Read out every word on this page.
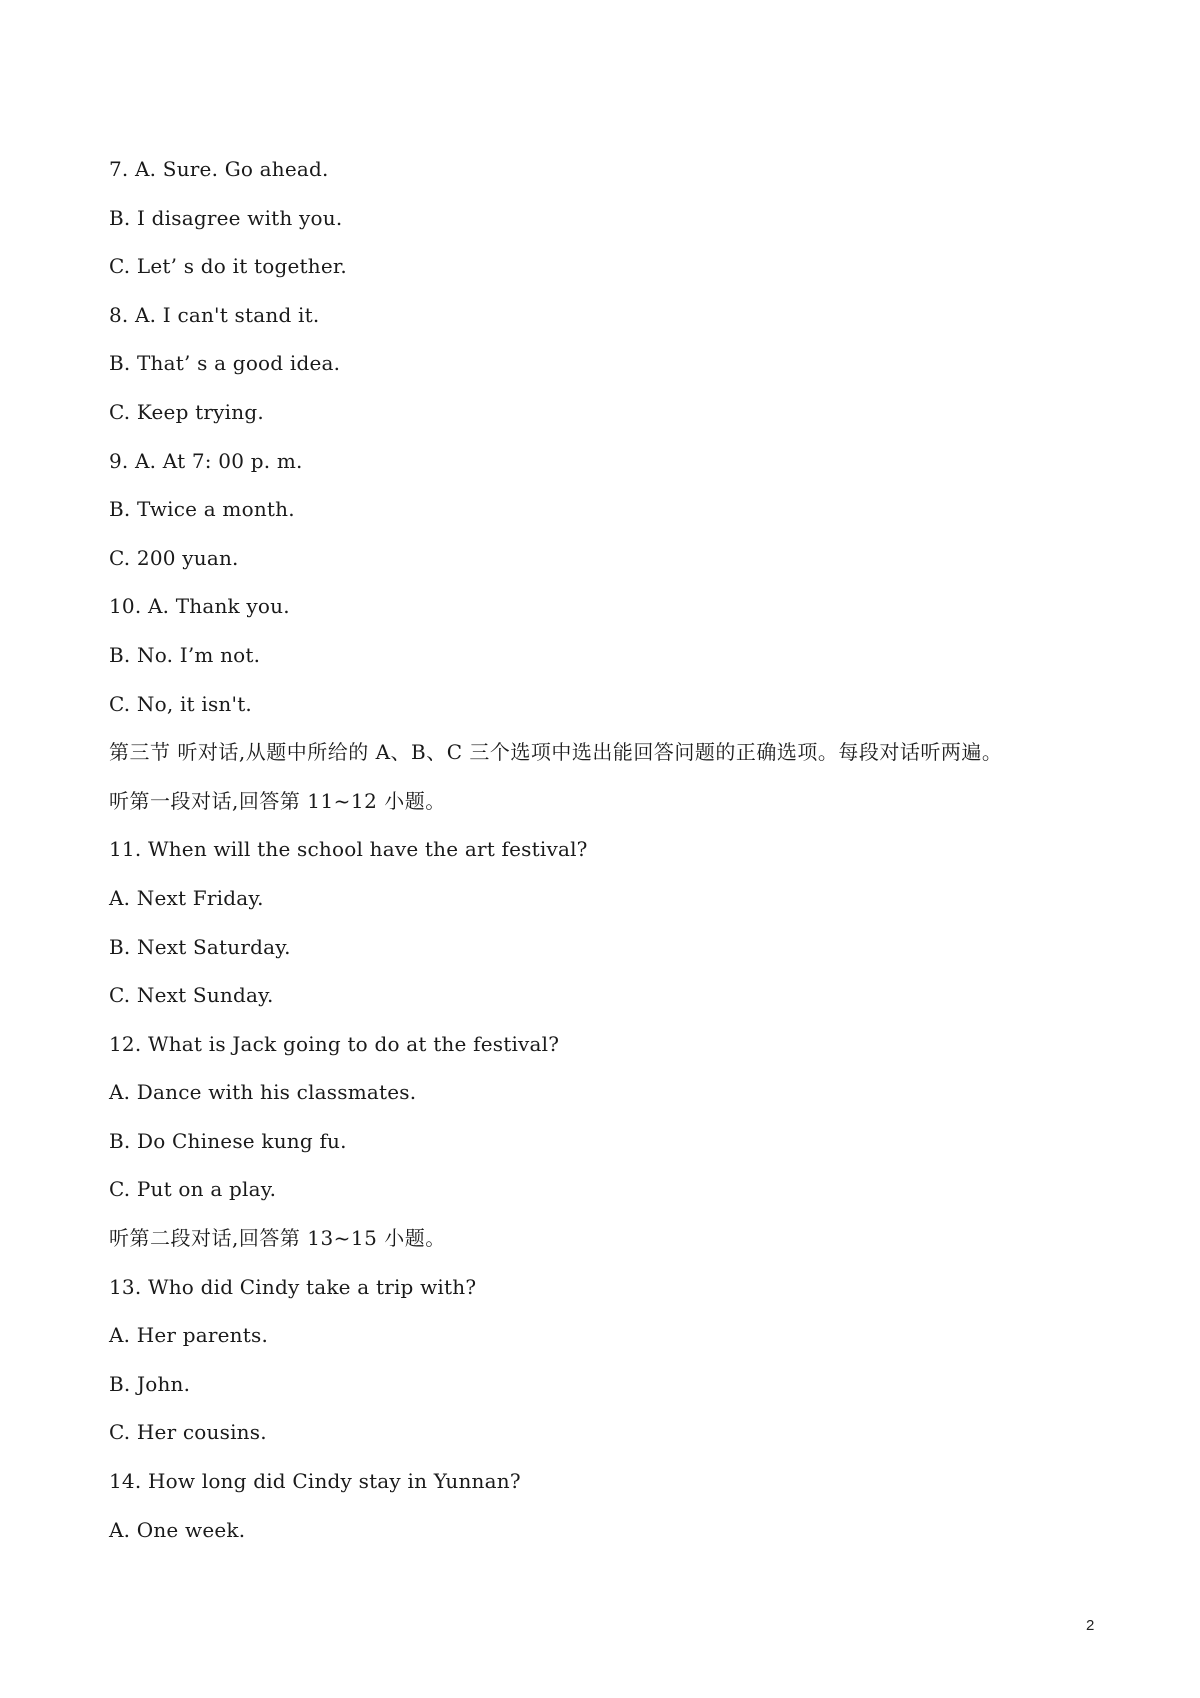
7. A. Sure. Go ahead.
B. I disagree with you.
C. Let’ s do it together.
8. A. I can't stand it.
B. That’ s a good idea.
C. Keep trying.
9. A. At 7: 00 p. m.
B. Twice a month.
C. 200 yuan.
10. A. Thank you.
B. No. I’m not.
C. No, it isn't.
第三节 听对话,从题中所给的 A、B、C 三个选项中选出能回答问题的正确选项。每段对话听两遍。
听第一段对话,回答第 11~12 小题。
11. When will the school have the art festival?
A. Next Friday.
B. Next Saturday.
C. Next Sunday.
12. What is Jack going to do at the festival?
A. Dance with his classmates.
B. Do Chinese kung fu.
C. Put on a play.
听第二段对话,回答第 13~15 小题。
13. Who did Cindy take a trip with?
A. Her parents.
B. John.
C. Her cousins.
14. How long did Cindy stay in Yunnan?
A. One week.
2
